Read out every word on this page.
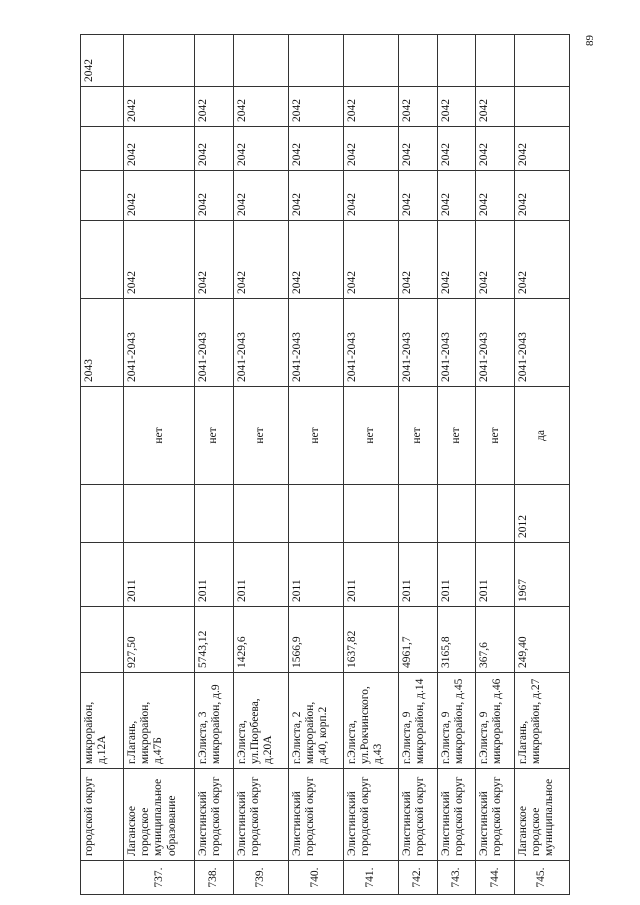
89
	городской округ	микрорайон, д.12А					2043					2042
737.	Лаганское городское муниципальное образование	г.Лагань, микрорайон, д.47Б	927,50	2011		нет	2041-2043	2042	2042	2042	2042	
738.	Элистинский городской округ	г.Элиста, 3 микрорайон, д.9	5743,12	2011		нет	2041-2043	2042	2042	2042	2042	
739.	Элистинский городской округ	г.Элиста, ул.Пюрбеева, д.20А	1429,6	2011		нет	2041-2043	2042	2042	2042	2042	
740.	Элистинский городской округ	г.Элиста, 2 микрорайон, д.40, корп.2	1566,9	2011		нет	2041-2043	2042	2042	2042	2042	
741.	Элистинский городской округ	г.Элиста, ул.Рокчинского, д.43	1637,82	2011		нет	2041-2043	2042	2042	2042	2042	
742.	Элистинский городской округ	г.Элиста, 9 микрорайон, д.14	4961,7	2011		нет	2041-2043	2042	2042	2042	2042	
743.	Элистинский городской округ	г.Элиста, 9 микрорайон, д.45	3165,8	2011		нет	2041-2043	2042	2042	2042	2042	
744.	Элистинский городской округ	г.Элиста, 9 микрорайон, д.46	367,6	2011		нет	2041-2043	2042	2042	2042	2042	
745.	Лаганское городское муниципальное	г.Лагань, микрорайон, д.27	249,40	1967	2012	да	2041-2043	2042	2042	2042		
